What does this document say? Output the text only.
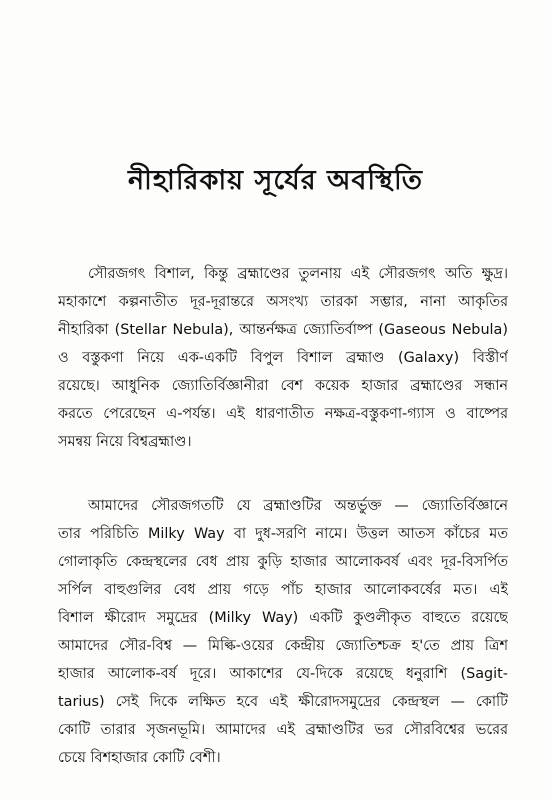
নীহারিকায় সূর্যের অবস্থিতি
সৌরজগৎ বিশাল, কিন্তু ব্রহ্মাণ্ডের তুলনায় এই সৌরজগৎ অতি ক্ষুদ্র।
মহাকাশে কল্পনাতীত দূর-দূরান্তরে অসংখ্য তারকা সম্ভার, নানা আকৃতির
নীহারিকা (Stellar Nebula), আন্তর্নক্ষত্র জ্যোতির্বাষ্প (Gaseous Nebula)
ও বস্তুকণা নিয়ে এক-একটি বিপুল বিশাল ব্রহ্মাণ্ড (Galaxy) বিস্তীর্ণ
রয়েছে। আধুনিক জ্যোতির্বিজ্ঞানীরা বেশ কয়েক হাজার ব্রহ্মাণ্ডের সন্ধান
করতে পেরেছেন এ-পর্যন্ত। এই ধারণাতীত নক্ষত্র-বস্তুকণা-গ্যাস ও বাষ্পের
সমন্বয় নিয়ে বিশ্বব্রহ্মাণ্ড।
আমাদের সৌরজগতটি যে ব্রহ্মাণ্ডটির অন্তর্ভুক্ত — জ্যোতির্বিজ্ঞানে
তার পরিচিতি Milky Way বা দুধ-সরণি নামে। উত্তল আতস কাঁচের মত
গোলাকৃতি কেন্দ্রস্থলের বেধ প্রায় কুড়ি হাজার আলোকবর্ষ এবং দূর-বিসর্পিত
সর্পিল বাহুগুলির বেধ প্রায় গড়ে পাঁচ হাজার আলোকবর্ষের মত। এই
বিশাল ক্ষীরোদ সমুদ্রের (Milky Way) একটি কুণ্ডলীকৃত বাহুতে রয়েছে
আমাদের সৌর-বিশ্ব — মিল্কি-ওয়ের কেন্দ্রীয় জ্যোতিশ্চক্র হ'তে প্রায় ত্রিশ
হাজার আলোক-বর্ষ দূরে। আকাশের যে-দিকে রয়েছে ধনুরাশি (Sagit-
tarius) সেই দিকে লক্ষিত হবে এই ক্ষীরোদসমুদ্রের কেন্দ্রস্থল — কোটি
কোটি তারার সৃজনভূমি। আমাদের এই ব্রহ্মাণ্ডটির ভর সৌরবিশ্বের ভরের
চেয়ে বিশহাজার কোটি বেশী।
